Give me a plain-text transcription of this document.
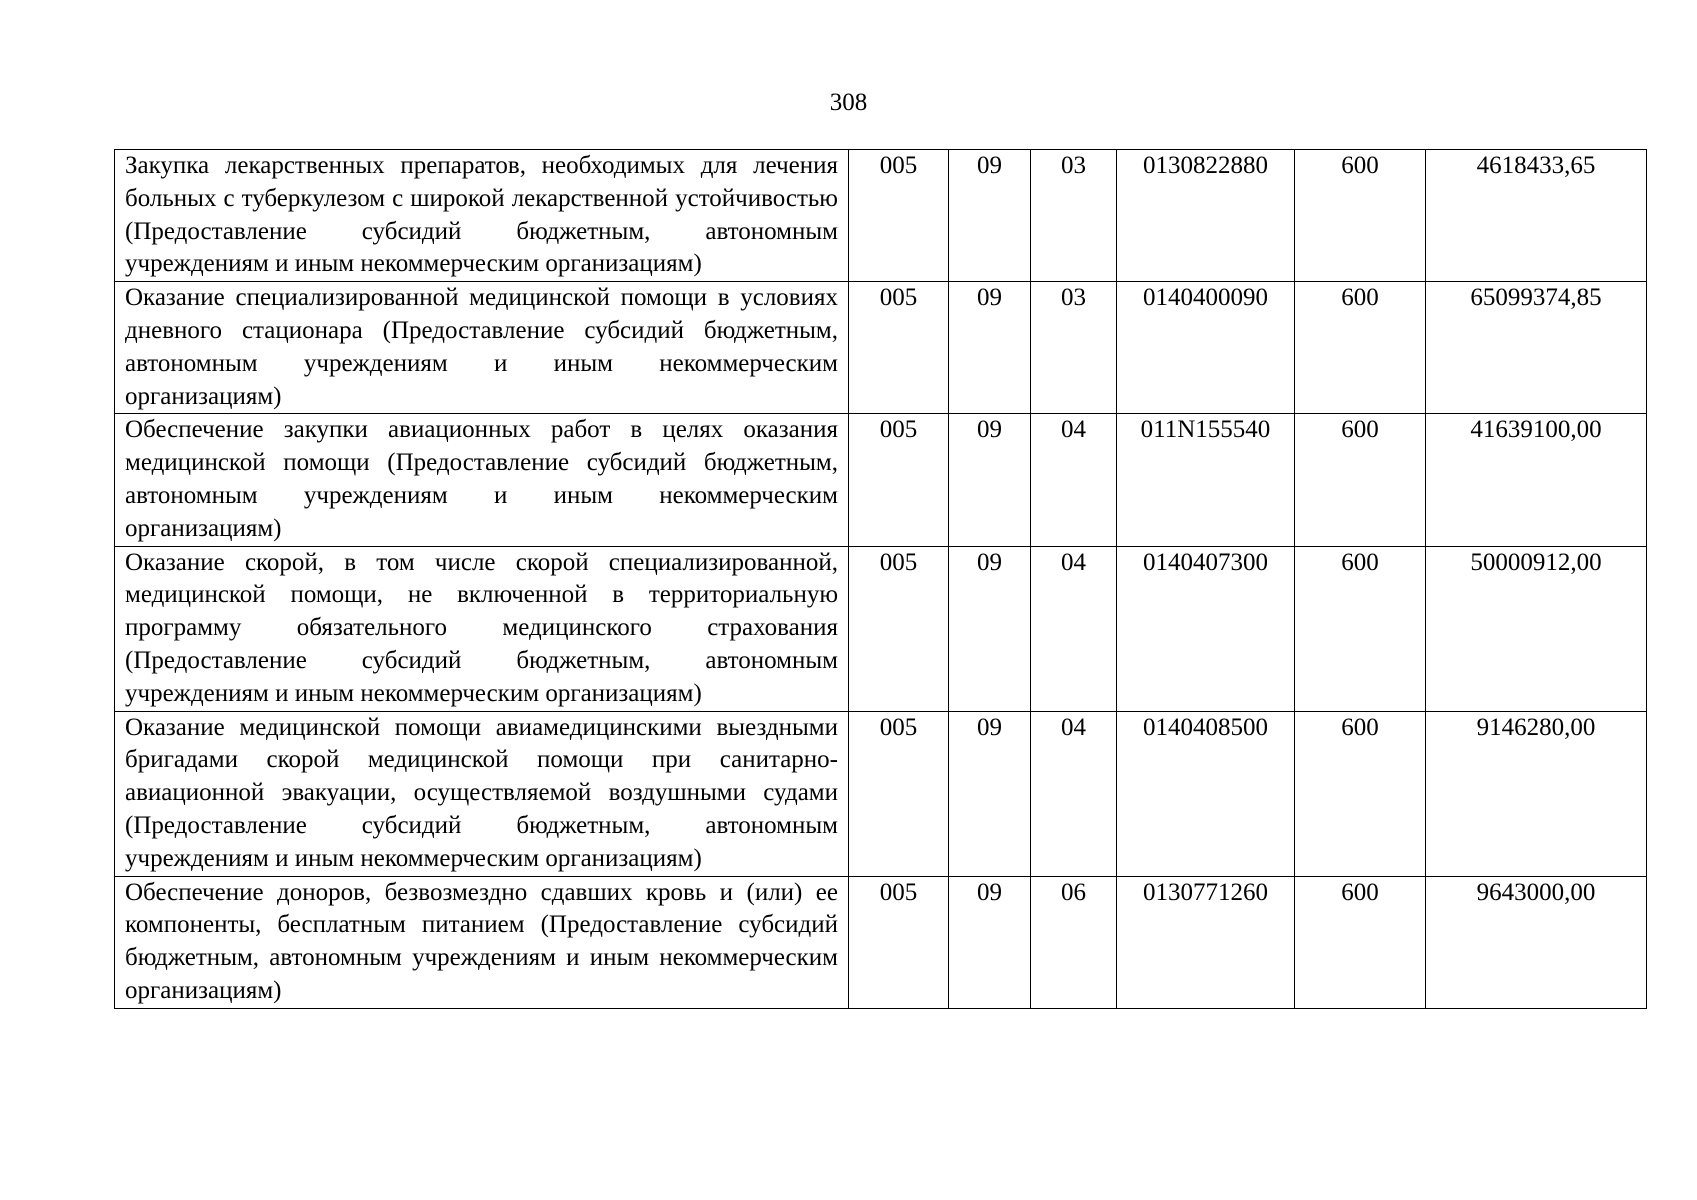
308
Закупка лекарственных препаратов, необходимых для лечения больных с туберкулезом с широкой лекарственной устойчивостью (Предоставление субсидий бюджетным, автономным учреждениям и иным некоммерческим организациям)	005	09	03	0130822880	600	4618433,65
Оказание специализированной медицинской помощи в условиях дневного стационара (Предоставление субсидий бюджетным, автономным учреждениям и иным некоммерческим организациям)	005	09	03	0140400090	600	65099374,85
Обеспечение закупки авиационных работ в целях оказания медицинской помощи (Предоставление субсидий бюджетным, автономным учреждениям и иным некоммерческим организациям)	005	09	04	011N155540	600	41639100,00
Оказание скорой, в том числе скорой специализированной, медицинской помощи, не включенной в территориальную программу обязательного медицинского страхования (Предоставление субсидий бюджетным, автономным учреждениям и иным некоммерческим организациям)	005	09	04	0140407300	600	50000912,00
Оказание медицинской помощи авиамедицинскими выездными бригадами скорой медицинской помощи при санитарно-авиационной эвакуации, осуществляемой воздушными судами (Предоставление субсидий бюджетным, автономным учреждениям и иным некоммерческим организациям)	005	09	04	0140408500	600	9146280,00
Обеспечение доноров, безвозмездно сдавших кровь и (или) ее компоненты, бесплатным питанием (Предоставление субсидий бюджетным, автономным учреждениям и иным некоммерческим организациям)	005	09	06	0130771260	600	9643000,00
